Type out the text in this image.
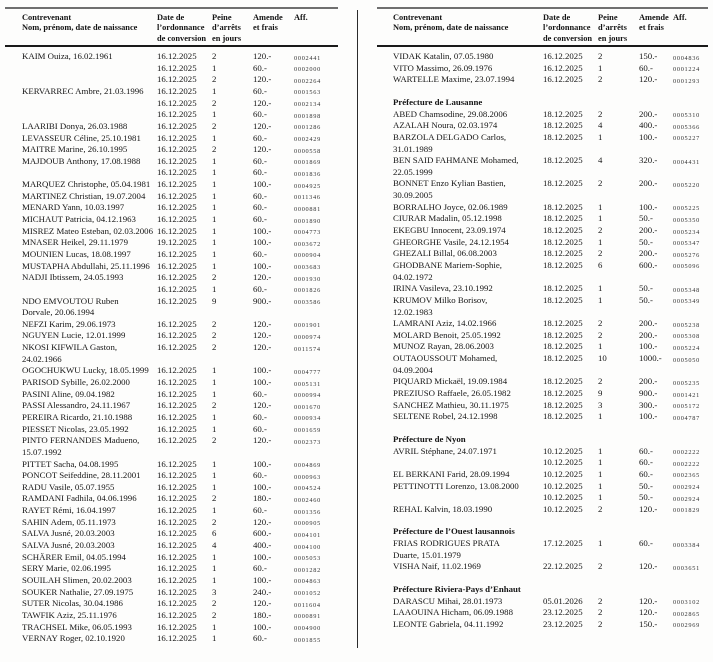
Contrevenant
Nom, prénom, date de naissance
Date de
l’ordonnance
de conversion
Peine
d’arrêts
en jours
Amende
et frais
Aff.
KAIM Ouiza, 16.02.1961	16.12.2025 2	120.-	0002441
16.12.2025 1	60.-	0002000
16.12.2025 2	120.-	0002264
KERVARREC Ambre, 21.03.1996	16.12.2025 1	60.-	0001563
16.12.2025 2	120.-	0002134
16.12.2025 1	60.-	0001898
LAARIBI Donya, 26.03.1988	16.12.2025 2	120.-	0001286
LEVASSEUR Céline, 25.10.1981	16.12.2025 1	60.-	0002429
MAITRE Marine, 26.10.1995	16.12.2025 2	120.-	0000558
MAJDOUB Anthony, 17.08.1988	16.12.2025 1	60.-	0001869
16.12.2025 1	60.-	0001836
MARQUEZ Christophe, 05.04.1981 16.12.2025 1	100.-	0004925
MARTINEZ Christian, 19.07.2004	16.12.2025 1	60.-	0011346
MENARD Yann, 10.03.1997	16.12.2025 1	60.-	0000881
MICHAUT Patricia, 04.12.1963	16.12.2025 1	60.-	0001890
MISREZ Mateo Esteban, 02.03.2006 16.12.2025 1	100.-	0004773
MNASER Heikel, 29.11.1979	19.12.2025 1	100.-	0003672
MOUNIEN Lucas, 18.08.1997	16.12.2025 1	60.-	0000904
MUSTAPHA Abdullahi, 25.11.1996 16.12.2025 1	100.-	0003683
NADJI Ibtissem, 24.05.1993	16.12.2025 2	120.-	0001930
16.12.2025 1	60.-	0001826
NDO EMVOUTOU Ruben
Dorvale, 20.06.1994
16.12.2025 9	900.-	0003586
NEFZI Karim, 29.06.1973	16.12.2025 2	120.-	0001901
NGUYEN Lucie, 12.01.1999	16.12.2025 2	120.-	0000974
NKOSI KIFWILA Gaston,
24.02.1966
16.12.2025 2	120.-	0011574
OGOCHUKWU Lucky, 18.05.1999 16.12.2025 1	100.-	0004777
PARISOD Sybille, 26.02.2000	16.12.2025 1	100.-	0005131
PASINI Aline, 09.04.1982	16.12.2025 1	60.-	0000994
PASSI Alessandro, 24.11.1967	16.12.2025 2	120.-	0001670
PEREIRA Ricardo, 21.10.1988	16.12.2025 1	60.-	0000934
PIESSET Nicolas, 23.05.1992	16.12.2025 1	60.-	0001659
PINTO FERNANDES Madueno,
15.07.1992
16.12.2025 2	120.-	0002373
PITTET Sacha, 04.08.1995	16.12.2025 1	100.-	0004869
PONCOT Seifeddine, 28.11.2001	16.12.2025 1	60.-	0000963
RADU Vasile, 05.07.1955	16.12.2025 1	100.-	0004524
RAMDANI Fadhila, 04.06.1996	16.12.2025 2	180.-	0002460
RAYET Rémi, 16.04.1997	16.12.2025 1	60.-	0001356
SAHIN Adem, 05.11.1973	16.12.2025 2	120.-	0000905
SALVA Jusné, 20.03.2003	16.12.2025 6	600.-	0004101
SALVA Jusné, 20.03.2003	16.12.2025 4	400.-	0004100
SCHÄRER Emil, 04.05.1994	16.12.2025 1	100.-	0005053
SERY Marie, 02.06.1995	16.12.2025 1	60.-	0001282
SOUILAH Slimen, 20.02.2003	16.12.2025 1	100.-	0004863
SOUKER Nathalie, 27.09.1975	16.12.2025 3	240.-	0001052
SUTER Nicolas, 30.04.1986	16.12.2025 2	120.-	0011604
TAWFIK Aziz, 25.11.1976	16.12.2025 2	180.-	0000891
TRACHSEL Mike, 06.05.1993	16.12.2025 1	100.-	0004900
VERNAY Roger, 02.10.1920	16.12.2025 1	60.-	0001855
Contrevenant
Nom, prénom, date de naissance
Date de
l’ordonnance
de conversion
Peine
d’arrêts
en jours
Amende
et frais
Aff.
VIDAK Katalin, 07.05.1980	16.12.2025 2	150.- 0004836
VITO Massimo, 26.09.1976	16.12.2025 1	60.-	0001224
WARTELLE Maxime, 23.07.1994	16.12.2025 2	120.- 0001293
Préfecture de Lausanne
ABED Chamsodine, 29.08.2006	18.12.2025 2	200.- 0005310
AZALAH Noura, 02.03.1974	18.12.2025 4	400.- 0005366
BARZOLA DELGADO Carlos,
31.01.1989
18.12.2025 1	100.- 0005227
BEN SAID FAHMANE Mohamed,
22.05.1999
18.12.2025 4	320.- 0004431
BONNET Enzo Kylian Bastien,
30.09.2005
18.12.2025 2	200.- 0005220
BORRALHO Joyce, 02.06.1989	18.12.2025 1	100.- 0005225
CIURAR Madalin, 05.12.1998	18.12.2025 1	50.-	0005350
EKEGBU Innocent, 23.09.1974	18.12.2025 2	200.- 0005234
GHEORGHE Vasile, 24.12.1954	18.12.2025 1	50.-	0005347
GHEZALI Billal, 06.08.2003	18.12.2025 2	200.- 0005276
GHODBANE Mariem-Sophie,
04.02.1972
18.12.2025 6	600.- 0005096
IRINA Vasileva, 23.10.1992	18.12.2025 1	50.-	0005348
KRUMOV Milko Borisov,
12.02.1983
18.12.2025 1	50.-	0005349
LAMRANI Aziz, 14.02.1966	18.12.2025 2	200.- 0005238
MOLARD Benoit, 25.05.1992	18.12.2025 2	200.- 0005308
MUNOZ Rayan, 28.06.2003	18.12.2025 1	100.- 0005224
OUTAOUSSOUT Mohamed,
04.09.2004
18.12.2025 10	1000.- 0005050
PIQUARD Mickaël, 19.09.1984	18.12.2025 2	200.- 0005235
PREZIUSO Raffaele, 26.05.1982	18.12.2025 9	900.- 0001421
SANCHEZ Mathieu, 30.11.1975	18.12.2025 3	300.- 0005172
SELTENE Robel, 24.12.1998	18.12.2025 1	100.- 0004787
Préfecture de Nyon
AVRIL Stéphane, 24.07.1971	10.12.2025 1	60.-	0002222
10.12.2025 1	60.-	0002222
EL BERKANI Farid, 28.09.1994	10.12.2025 1	60.-	0002365
PETTINOTTI Lorenzo, 13.08.2000	10.12.2025 1	50.-	0002924
10.12.2025 1	50.-	0002924
REHAL Kalvin, 18.03.1990	10.12.2025 2	120.- 0001829
Préfecture de l’Ouest lausannois
FRIAS RODRIGUES PRATA
Duarte, 15.01.1979
17.12.2025 1	60.-	0003384
VISHA Naif, 11.02.1969	22.12.2025 2	120.- 0003651
Préfecture Riviera-Pays d’Enhaut
DARASCU Mihai, 28.01.1973	05.01.2026 2	120.- 0003102
LAAOUINA Hicham, 06.09.1988	23.12.2025 2	120.- 0002865
LEONTE Gabriela, 04.11.1992	23.12.2025 2	150.- 0002969
